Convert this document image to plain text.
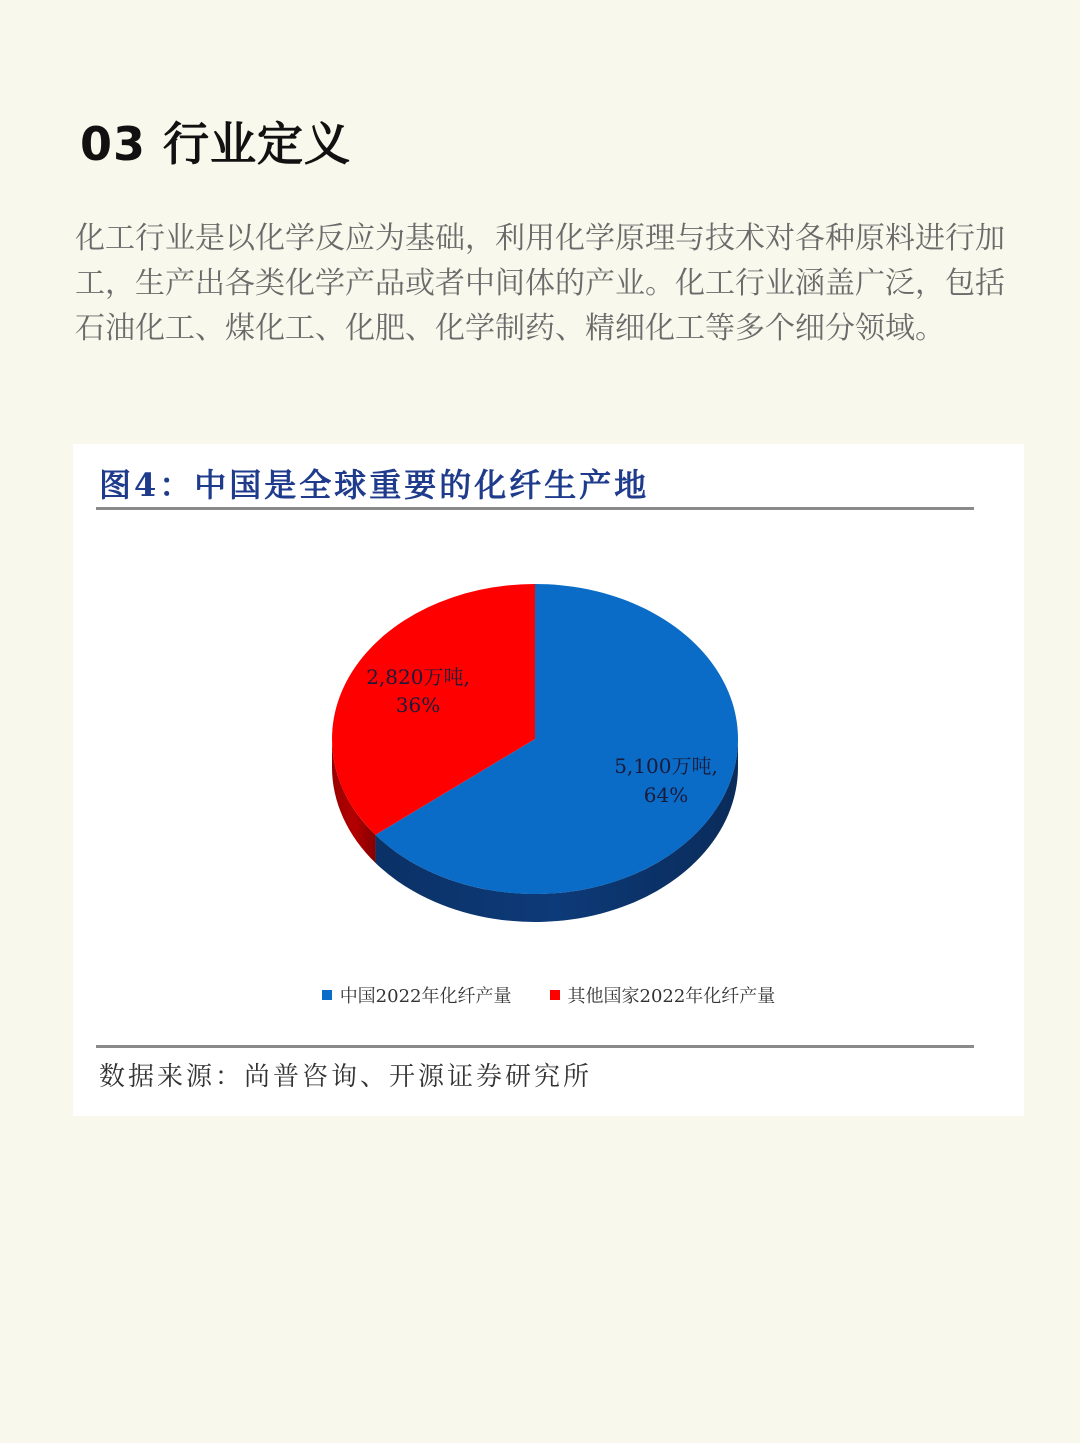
03 行业定义

化工行业是以化学反应为基础，利用化学原理与技术对各种原料进行加工，生产出各类化学产品或者中间体的产业。化工行业涵盖广泛，包括石油化工、煤化工、化肥、化学制药、精细化工等多个细分领域。

图4：中国是全球重要的化纤生产地
5,100万吨,
64%
2,820万吨,
36%
中国2022年化纤产量	其他国家2022年化纤产量
数据来源：尚普咨询、开源证券研究所
